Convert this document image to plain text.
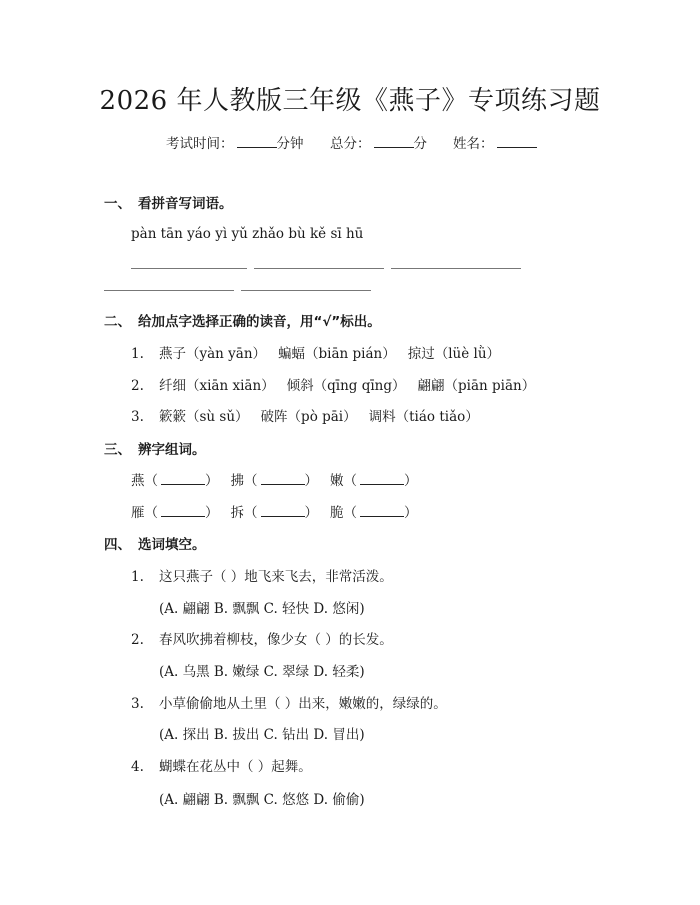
2026 年人教版三年级《燕子》专项练习题
考试时间：	分钟 总分：	分 姓名：
一、 看拼音写词语。
pàn tān yáo yì yǔ zhǎo bù kě sī hū
二、 给加点字选择正确的读音，用“√”标出。
1. 燕子（yàn yān） 蝙蝠（biān pián） 掠过（lüè lǜ）
2. 纤细（xiān xiān） 倾斜（qīng qīng） 翩翩（piān piān）
3. 簌簌（sù sǔ） 破阵（pò pāi） 调料（tiáo tiǎo）
三、 辨字组词。
燕（	） 拂（	） 嫩（	）
雁（	） 拆（	） 脆（	）
四、 选词填空。
1. 这只燕子（ ）地飞来飞去，非常活泼。
(A. 翩翩 B. 飘飘 C. 轻快 D. 悠闲)
2. 春风吹拂着柳枝，像少女（ ）的长发。
(A. 乌黑 B. 嫩绿 C. 翠绿 D. 轻柔)
3. 小草偷偷地从土里（ ）出来，嫩嫩的，绿绿的。
(A. 探出 B. 拔出 C. 钻出 D. 冒出)
4. 蝴蝶在花丛中（ ）起舞。
(A. 翩翩 B. 飘飘 C. 悠悠 D. 偷偷)
